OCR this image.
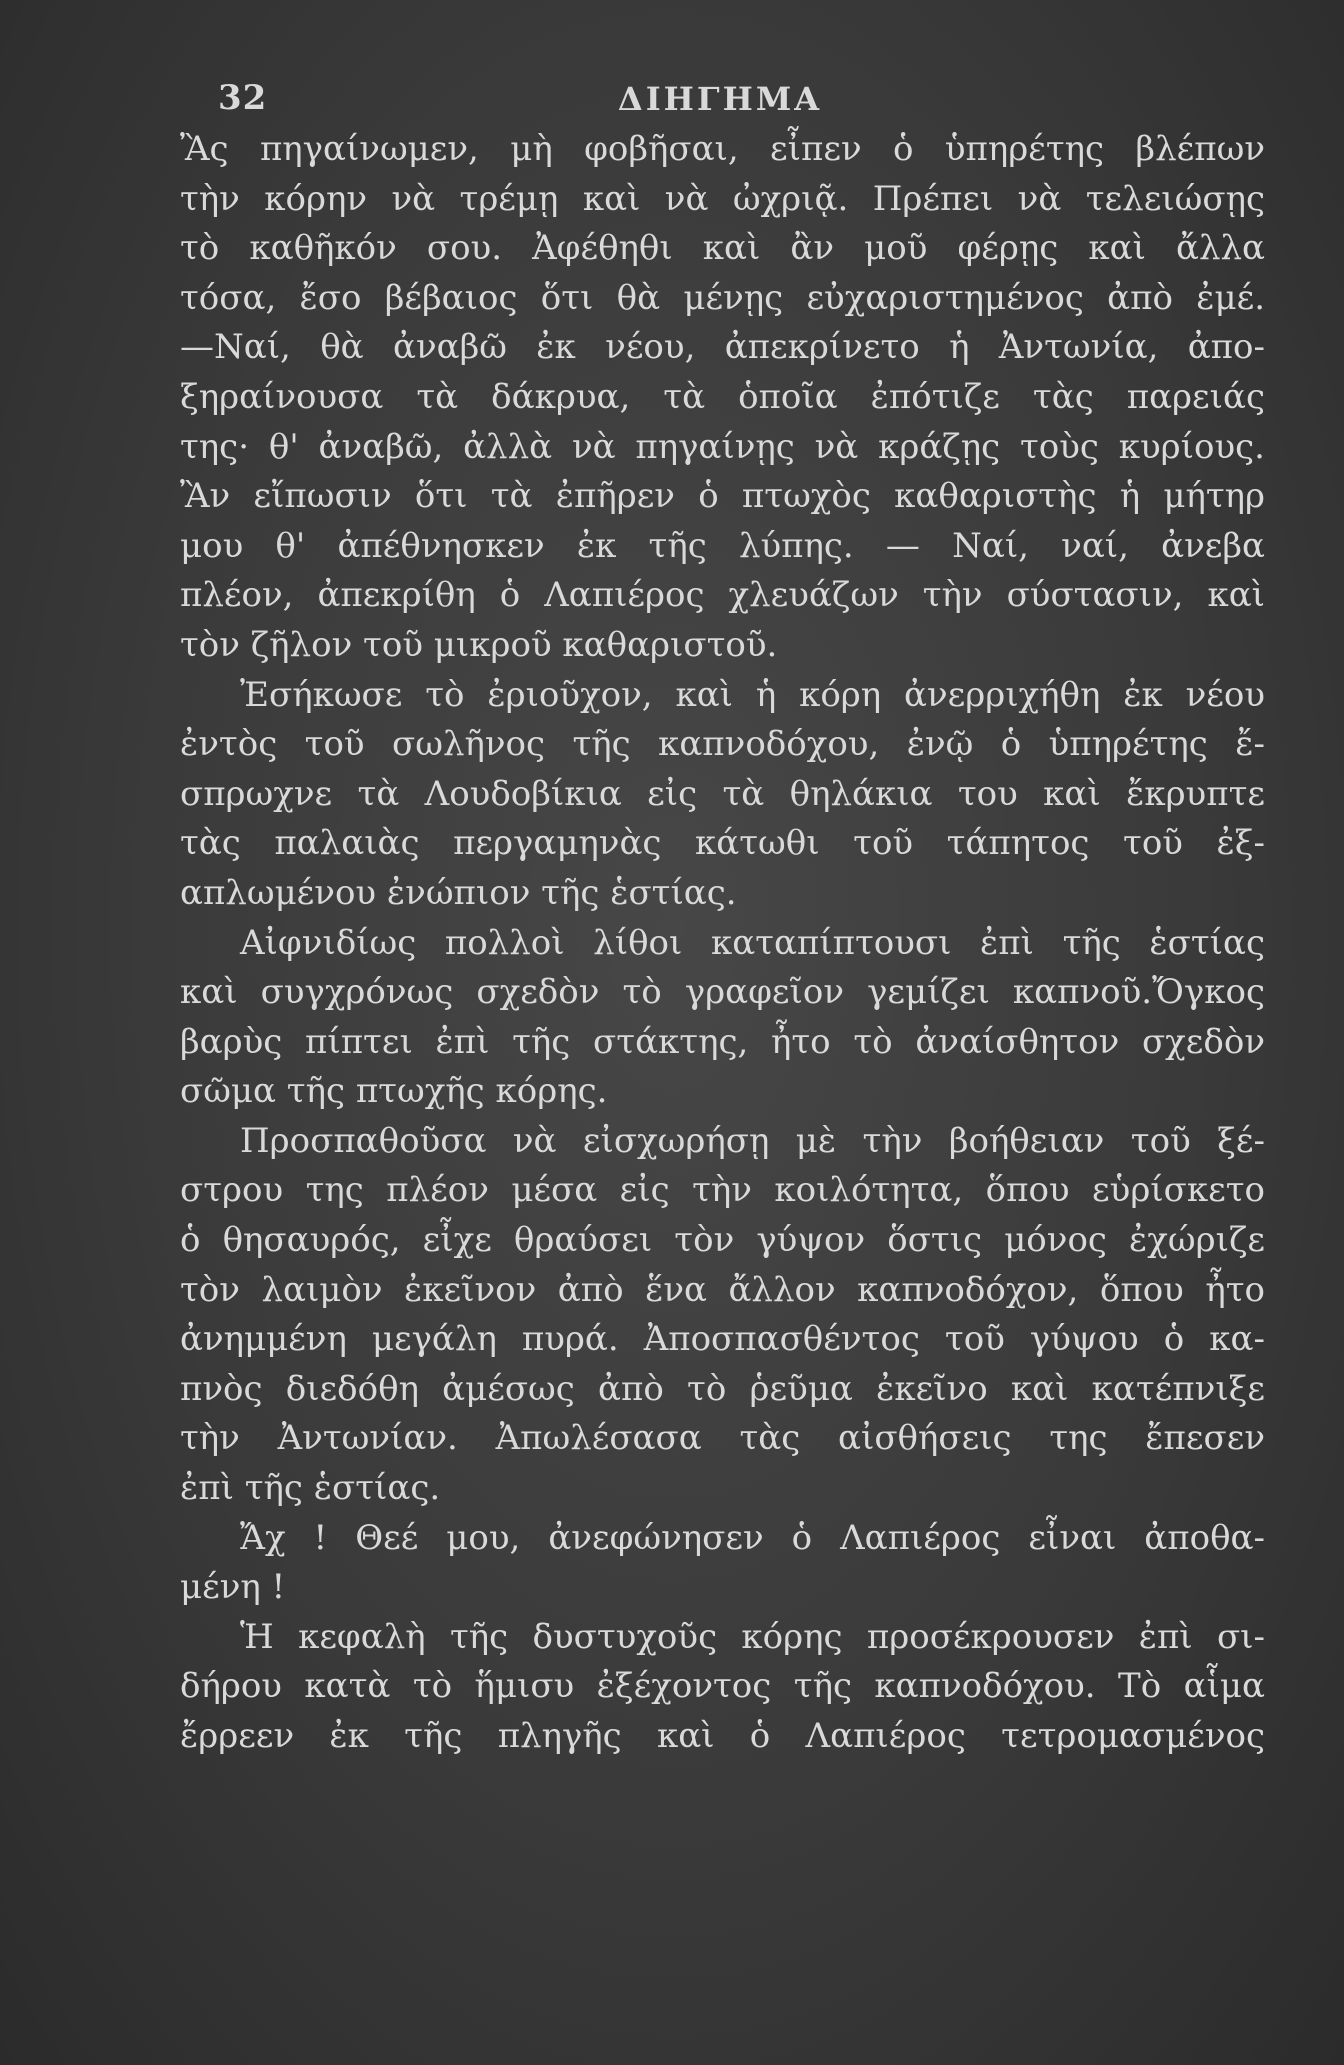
32	ΔΙΗΓΗΜΑ
Ἂς πηγαίνωμεν, μὴ φοβῆσαι, εἶπεν ὁ ὑπηρέτης βλέπων
τὴν κόρην νὰ τρέμῃ καὶ νὰ ὠχριᾷ. Πρέπει νὰ τελειώσῃς
τὸ καθῆκόν σου. Ἀφέθηθι καὶ ἂν μοῦ φέρῃς καὶ ἄλλα
τόσα, ἔσο βέβαιος ὅτι θὰ μένῃς εὐχαριστημένος ἀπὸ ἐμέ.
—Ναί, θὰ ἀναβῶ ἐκ νέου, ἀπεκρίνετο ἡ Ἀντωνία, ἀπο-
ξηραίνουσα τὰ δάκρυα, τὰ ὁποῖα ἐπότιζε τὰς παρειάς
της· θ' ἀναβῶ, ἀλλὰ νὰ πηγαίνῃς νὰ κράζῃς τοὺς κυρίους.
Ἂν εἴπωσιν ὅτι τὰ ἐπῆρεν ὁ πτωχὸς καθαριστὴς ἡ μήτηρ
μου θ' ἀπέθνησκεν ἐκ τῆς λύπης. — Ναί, ναί, ἀνεβα
πλέον, ἀπεκρίθη ὁ Λαπιέρος χλευάζων τὴν σύστασιν, καὶ
τὸν ζῆλον τοῦ μικροῦ καθαριστοῦ.
Ἐσήκωσε τὸ ἐριοῦχον, καὶ ἡ κόρη ἀνερριχήθη ἐκ νέου
ἐντὸς τοῦ σωλῆνος τῆς καπνοδόχου, ἐνῷ ὁ ὑπηρέτης ἔ-
σπρωχνε τὰ Λουδοβίκια εἰς τὰ θηλάκια του καὶ ἔκρυπτε
τὰς παλαιὰς περγαμηνὰς κάτωθι τοῦ τάπητος τοῦ ἐξ-
απλωμένου ἐνώπιον τῆς ἑστίας.
Αἰφνιδίως πολλοὶ λίθοι καταπίπτουσι ἐπὶ τῆς ἑστίας
καὶ συγχρόνως σχεδὸν τὸ γραφεῖον γεμίζει καπνοῦ.Ὄγκος
βαρὺς πίπτει ἐπὶ τῆς στάκτης, ἦτο τὸ ἀναίσθητον σχεδὸν
σῶμα τῆς πτωχῆς κόρης.
Προσπαθοῦσα νὰ εἰσχωρήσῃ μὲ τὴν βοήθειαν τοῦ ξέ-
στρου της πλέον μέσα εἰς τὴν κοιλότητα, ὅπου εὑρίσκετο
ὁ θησαυρός, εἶχε θραύσει τὸν γύψον ὅστις μόνος ἐχώριζε
τὸν λαιμὸν ἐκεῖνον ἀπὸ ἕνα ἄλλον καπνοδόχον, ὅπου ἦτο
ἀνημμένη μεγάλη πυρά. Ἀποσπασθέντος τοῦ γύψου ὁ κα-
πνὸς διεδόθη ἀμέσως ἀπὸ τὸ ῥεῦμα ἐκεῖνο καὶ κατέπνιξε
τὴν Ἀντωνίαν. Ἀπωλέσασα τὰς αἰσθήσεις της ἔπεσεν
ἐπὶ τῆς ἑστίας.
Ἄχ ! Θεέ μου, ἀνεφώνησεν ὁ Λαπιέρος εἶναι ἀποθα-
μένη !
Ἡ κεφαλὴ τῆς δυστυχοῦς κόρης προσέκρουσεν ἐπὶ σι-
δήρου κατὰ τὸ ἥμισυ ἐξέχοντος τῆς καπνοδόχου. Τὸ αἷμα
ἔρρεεν ἐκ τῆς πληγῆς καὶ ὁ Λαπιέρος τετρομασμένος
